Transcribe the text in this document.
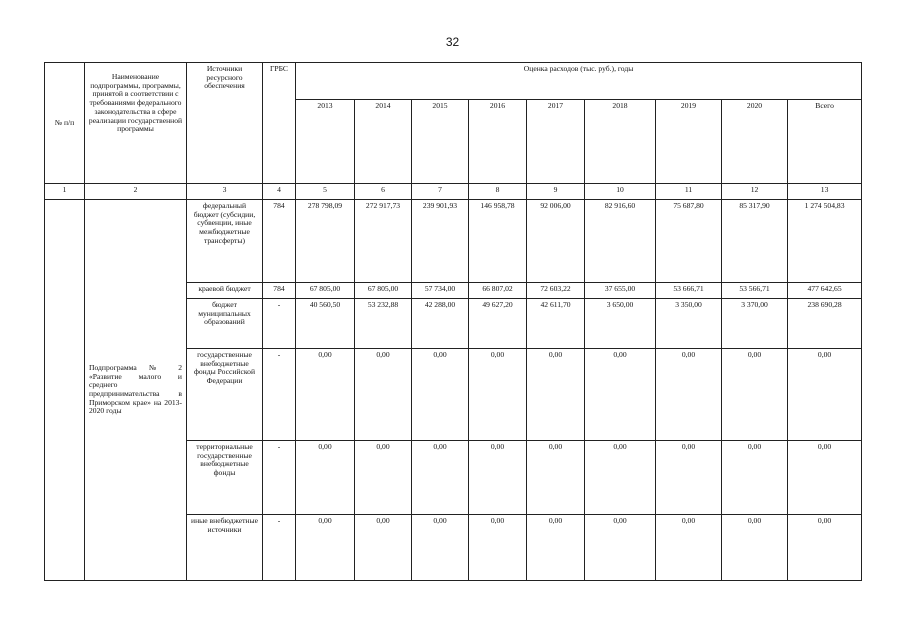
32
№ п/п	Наименование подпрограммы, программы, принятой в соответствии с требованиями федерального законодательства в сфере реализации государственной программы	Источники ресурсного обеспечения	ГРБС	Оценка расходов (тыс. руб.), годы								
				2013	2014	2015	2016	2017	2018	2019	2020	Всего
1	2	3	4	5	6	7	8	9	10	11	12	13
	Подпрограмма № 2 «Развитие малого и среднего предпринимательства в Приморском крае» на 2013-2020 годы	федеральный бюджет (субсидии, субвенции, иные межбюджетные трансферты)	784	278 798,09	272 917,73	239 901,93	146 958,78	92 006,00	82 916,60	75 687,80	85 317,90	1 274 504,83
		краевой бюджет	784	67 805,00	67 805,00	57 734,00	66 807,02	72 603,22	37 655,00	53 666,71	53 566,71	477 642,65
		бюджет муниципальных образований	-	40 560,50	53 232,88	42 288,00	49 627,20	42 611,70	3 650,00	3 350,00	3 370,00	238 690,28
		государственные внебюджетные фонды Российской Федерации	-	0,00	0,00	0,00	0,00	0,00	0,00	0,00	0,00	0,00
		территориальные государственные внебюджетные фонды	-	0,00	0,00	0,00	0,00	0,00	0,00	0,00	0,00	0,00
		иные внебюджетные источники	-	0,00	0,00	0,00	0,00	0,00	0,00	0,00	0,00	0,00
